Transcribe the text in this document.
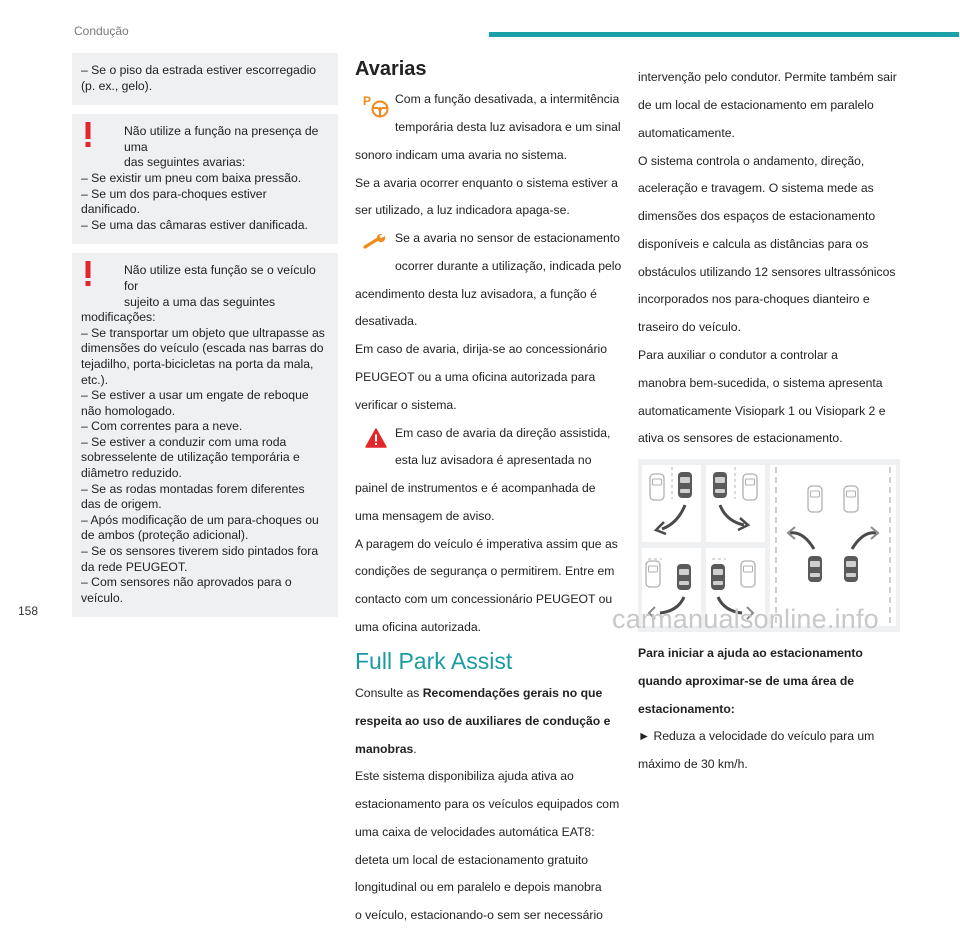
Condução

– Se o piso da estrada estiver escorregadio

(p. ex., gelo).

Não utilize a função na presença de uma

das seguintes avarias:

– Se existir um pneu com baixa pressão.

– Se um dos para-choques estiver

danificado.

– Se uma das câmaras estiver danificada.

Não utilize esta função se o veículo for

sujeito a uma das seguintes

modificações:

– Se transportar um objeto que ultrapasse as

dimensões do veículo (escada nas barras do

tejadilho, porta-bicicletas na porta da mala,

etc.).

– Se estiver a usar um engate de reboque

não homologado.

– Com correntes para a neve.

– Se estiver a conduzir com uma roda

sobresselente de utilização temporária e

diâmetro reduzido.

– Se as rodas montadas forem diferentes

das de origem.

– Após modificação de um para-choques ou

de ambos (proteção adicional).

– Se os sensores tiverem sido pintados fora

da rede PEUGEOT.

– Com sensores não aprovados para o

veículo.

Avarias
P	Com a função desativada, a intermitência

temporária desta luz avisadora e um sinal

sonoro indicam uma avaria no sistema.

Se a avaria ocorrer enquanto o sistema estiver a

ser utilizado, a luz indicadora apaga-se.

Se a avaria no sensor de estacionamento

ocorrer durante a utilização, indicada pelo

acendimento desta luz avisadora, a função é

desativada.

Em caso de avaria, dirija-se ao concessionário

PEUGEOT ou a uma oficina autorizada para

verificar o sistema.

Em caso de avaria da direção assistida,

esta luz avisadora é apresentada no

painel de instrumentos e é acompanhada de

uma mensagem de aviso.

A paragem do veículo é imperativa assim que as

condições de segurança o permitirem. Entre em

contacto com um concessionário PEUGEOT ou

uma oficina autorizada.

Full Park Assist

Consulte as Recomendações gerais no que

respeita ao uso de auxiliares de condução e

manobras.

Este sistema disponibiliza ajuda ativa ao

estacionamento para os veículos equipados com

uma caixa de velocidades automática EAT8:

deteta um local de estacionamento gratuito

longitudinal ou em paralelo e depois manobra

o veículo, estacionando-o sem ser necessário

intervenção pelo condutor. Permite também sair

de um local de estacionamento em paralelo

automaticamente.

O sistema controla o andamento, direção,

aceleração e travagem. O sistema mede as

dimensões dos espaços de estacionamento

disponíveis e calcula as distâncias para os

obstáculos utilizando 12 sensores ultrassónicos

incorporados nos para-choques dianteiro e

traseiro do veículo.

Para auxiliar o condutor a controlar a

manobra bem-sucedida, o sistema apresenta

automaticamente Visiopark 1 ou Visiopark 2 e

ativa os sensores de estacionamento.

Para iniciar a ajuda ao estacionamento

quando aproximar-se de uma área de

estacionamento:

► Reduza a velocidade do veículo para um

máximo de 30 km/h.

158	carmanualsonline.info
